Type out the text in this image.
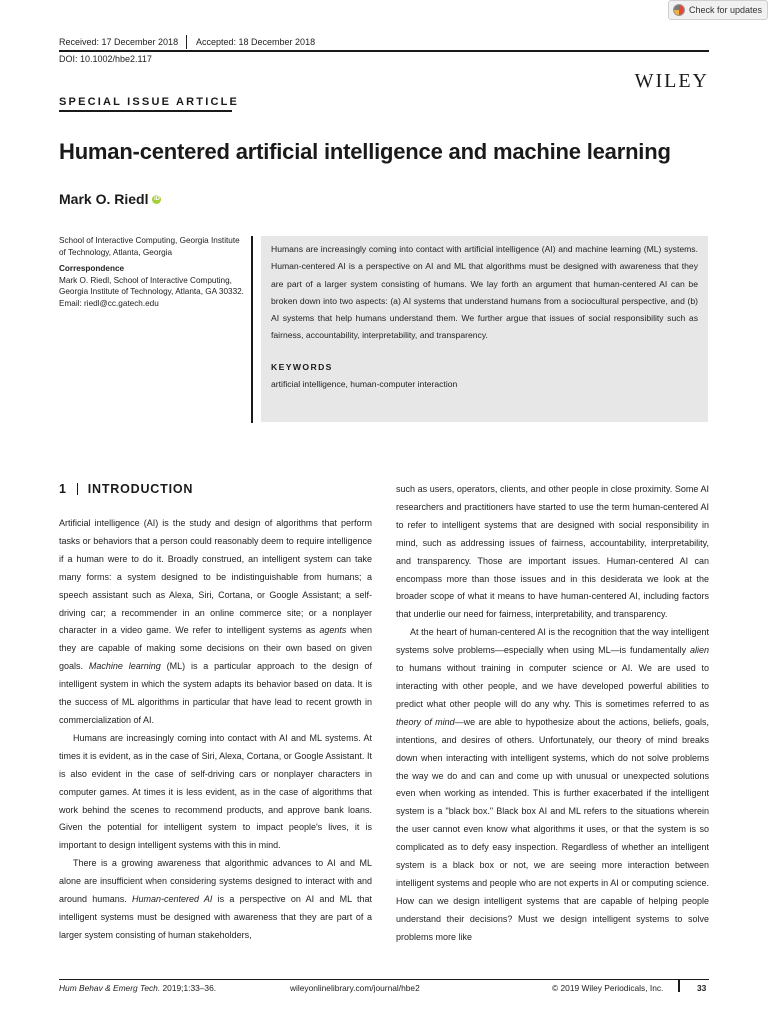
Check for updates
Received: 17 December 2018 Accepted: 18 December 2018
DOI: 10.1002/hbe2.117
WILEY
SPECIAL ISSUE ARTICLE
Human-centered artificial intelligence and machine learning
Mark O. Riedl iD

School of Interactive Computing, Georgia Institute of Technology, Atlanta, Georgia

Correspondence

Mark O. Riedl, School of Interactive Computing, Georgia Institute of Technology, Atlanta, GA 30332.

Email: riedl@cc.gatech.edu

Humans are increasingly coming into contact with artificial intelligence (AI) and machine learning (ML) systems. Human-centered AI is a perspective on AI and ML that algorithms must be designed with awareness that they are part of a larger system consisting of humans. We lay forth an argument that human-centered AI can be broken down into two aspects: (a) AI systems that understand humans from a sociocultural perspective, and (b) AI systems that help humans understand them. We further argue that issues of social responsibility such as fairness, accountability, interpretability, and transparency.

KEYWORDS
artificial intelligence, human-computer interaction
1 INTRODUCTION

Artificial intelligence (AI) is the study and design of algorithms that perform tasks or behaviors that a person could reasonably deem to require intelligence if a human were to do it. Broadly construed, an intelligent system can take many forms: a system designed to be indistinguishable from humans; a speech assistant such as Alexa, Siri, Cortana, or Google Assistant; a self-driving car; a recommender in an online commerce site; or a nonplayer character in a video game. We refer to intelligent systems as agents when they are capable of making some decisions on their own based on given goals. Machine learning (ML) is a particular approach to the design of intelligent system in which the system adapts its behavior based on data. It is the success of ML algorithms in particular that have lead to recent growth in commercialization of AI.

Humans are increasingly coming into contact with AI and ML systems. At times it is evident, as in the case of Siri, Alexa, Cortana, or Google Assistant. It is also evident in the case of self-driving cars or nonplayer characters in computer games. At times it is less evident, as in the case of algorithms that work behind the scenes to recommend products, and approve bank loans. Given the potential for intelligent system to impact people's lives, it is important to design intelligent systems with this in mind.

There is a growing awareness that algorithmic advances to AI and ML alone are insufficient when considering systems designed to interact with and around humans. Human-centered AI is a perspective on AI and ML that intelligent systems must be designed with awareness that they are part of a larger system consisting of human stakeholders,

such as users, operators, clients, and other people in close proximity. Some AI researchers and practitioners have started to use the term human-centered AI to refer to intelligent systems that are designed with social responsibility in mind, such as addressing issues of fairness, accountability, interpretability, and transparency. Those are important issues. Human-centered AI can encompass more than those issues and in this desiderata we look at the broader scope of what it means to have human-centered AI, including factors that underlie our need for fairness, interpretability, and transparency.

At the heart of human-centered AI is the recognition that the way intelligent systems solve problems—especially when using ML—is fundamentally alien to humans without training in computer science or AI. We are used to interacting with other people, and we have developed powerful abilities to predict what other people will do any why. This is sometimes referred to as theory of mind—we are able to hypothesize about the actions, beliefs, goals, intentions, and desires of others. Unfortunately, our theory of mind breaks down when interacting with intelligent systems, which do not solve problems the way we do and can and come up with unusual or unexpected solutions even when working as intended. This is further exacerbated if the intelligent system is a "black box." Black box AI and ML refers to the situations wherein the user cannot even know what algorithms it uses, or that the system is so complicated as to defy easy inspection. Regardless of whether an intelligent system is a black box or not, we are seeing more interaction between intelligent systems and people who are not experts in AI or computing science. How can we design intelligent systems that are capable of helping people understand their decisions? Must we design intelligent systems to solve problems more like

Hum Behav & Emerg Tech. 2019;1:33–36.	wileyonlinelibrary.com/journal/hbe2	© 2019 Wiley Periodicals, Inc.	33
